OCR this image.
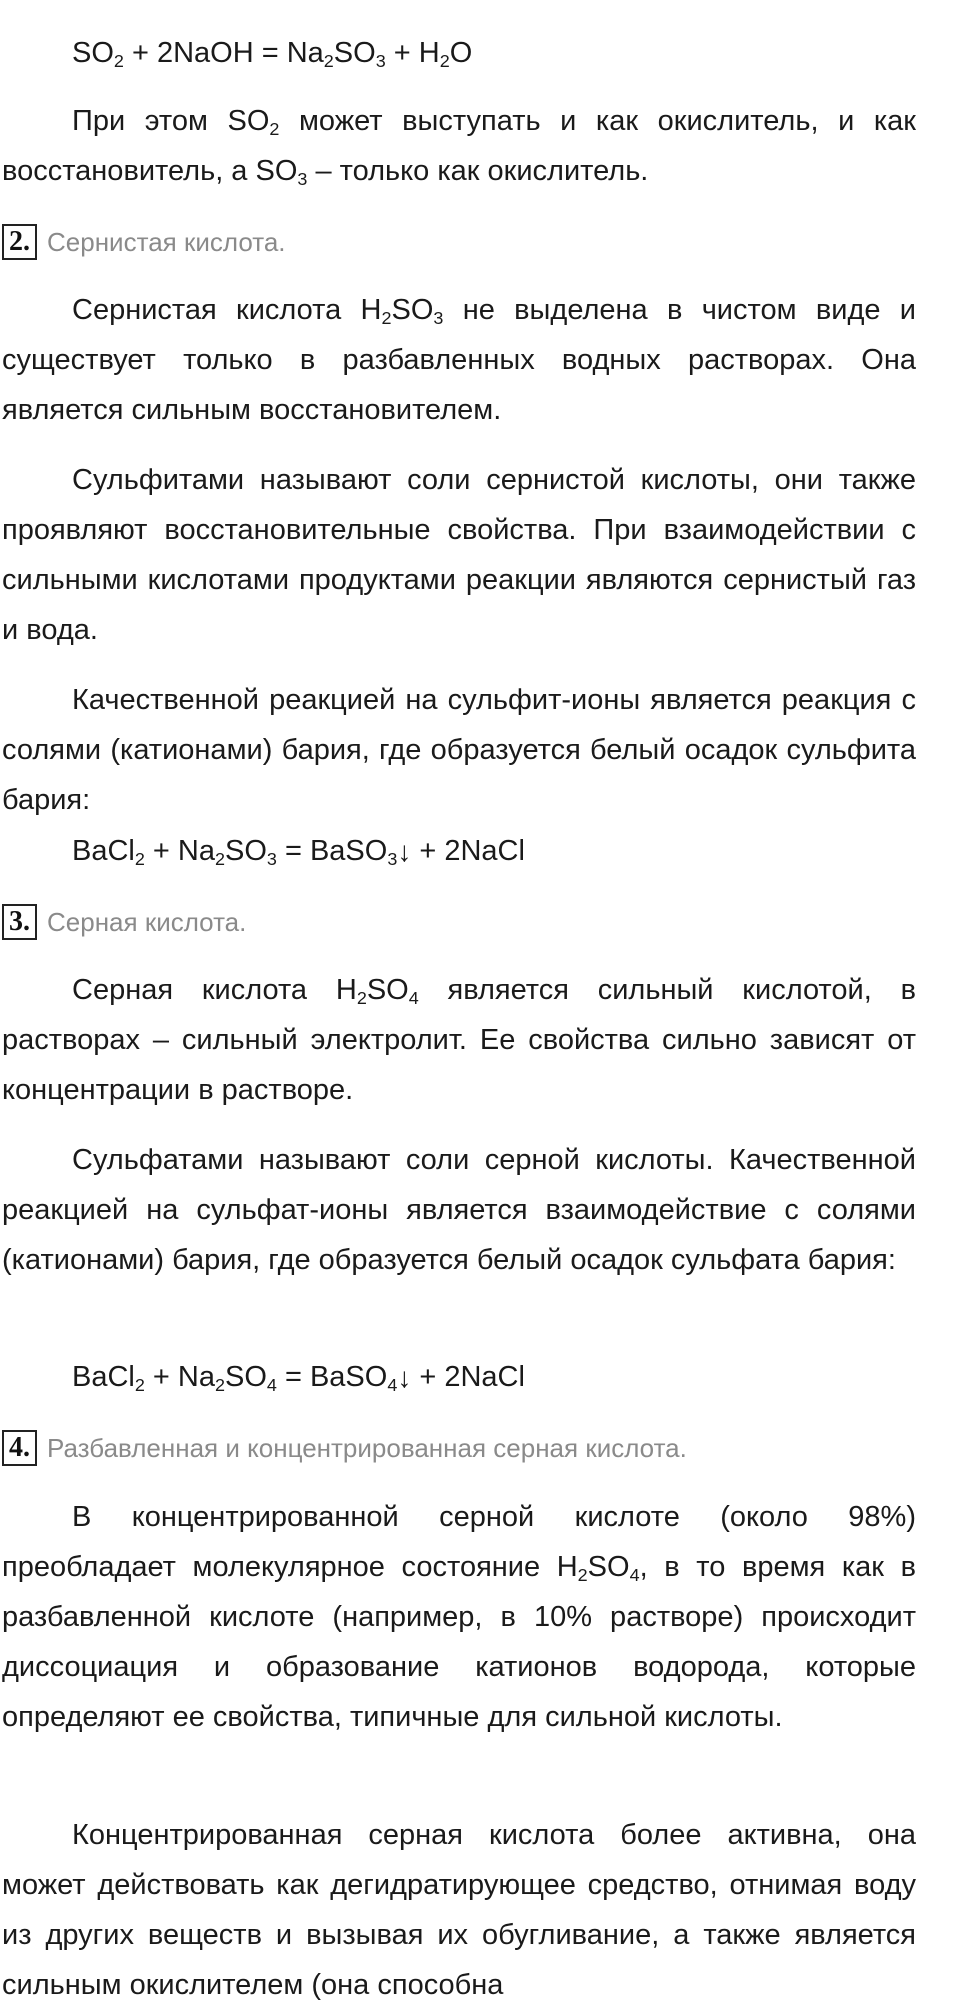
$SO_2$ + 2NaOH = $Na_2SO_3 + H_2O$

При этом $SO_2$ может выступать и как окислитель, и как восстановитель, а $SO_3$ – только как окислитель.

2. Сернистая кислота.

Сернистая кислота $H_2SO_3$ не выделена в чистом виде и существует только в разбавленных водных растворах. Она является сильным восстановителем.

Сульфитами называют соли сернистой кислоты, они также проявляют восстановительные свойства. При взаимодействии с сильными кислотами продуктами реакции являются сернистый газ и вода.

Качественной реакцией на сульфит-ионы является реакция с солями (катионами) бария, где образуется белый осадок сульфита бария:

BaCl$_2$ + $Na_2SO_3$ = BaSO$_3$↓ + 2NaCl

3. Серная кислота.

Серная кислота $H_2SO_4$ является сильный кислотой, в растворах – сильный электролит. Ее свойства сильно зависят от концентрации в растворе.

Сульфатами называют соли серной кислоты. Качественной реакцией на сульфат-ионы является взаимодействие с солями (катионами) бария, где образуется белый осадок сульфата бария:

BaCl$_2$ + $Na_2SO_4$ = BaSO$_4$↓ + 2NaCl

4. Разбавленная и концентрированная серная кислота.

В концентрированной серной кислоте (около 98%) преобладает молекулярное состояние $H_2SO_4$, в то время как в разбавленной кислоте (например, в 10% растворе) происходит диссоциация и образование катионов водорода, которые определяют ее свойства, типичные для сильной кислоты.

Концентрированная серная кислота более активна, она может действовать как дегидратирующее средство, отнимая воду из других веществ и вызывая их обугливание, а также является сильным окислителем (она способна
